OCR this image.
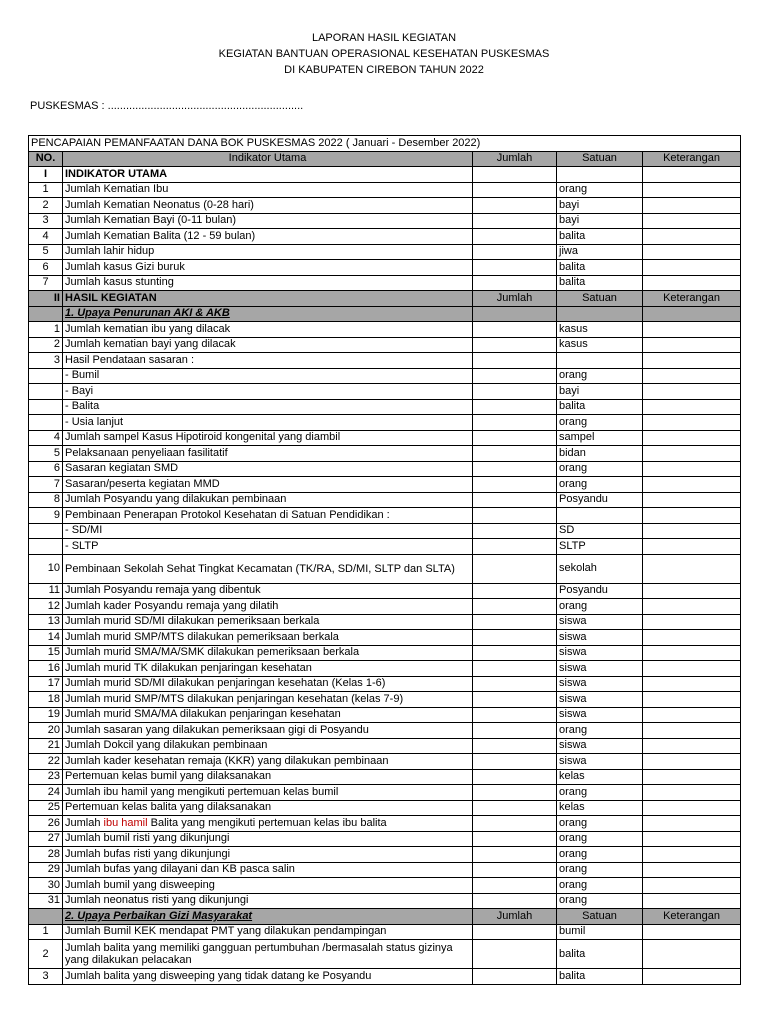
LAPORAN HASIL KEGIATAN
KEGIATAN BANTUAN OPERASIONAL KESEHATAN PUSKESMAS
DI KABUPATEN CIREBON TAHUN 2022
PUSKESMAS : ................................................................
PENCAPAIAN PEMANFAATAN DANA BOK PUSKESMAS 2022 ( Januari - Desember 2022)				
NO.	Indikator Utama	Jumlah	Satuan	Keterangan
I	INDIKATOR UTAMA			
1	Jumlah Kematian Ibu		orang	
2	Jumlah Kematian Neonatus (0-28 hari)		bayi	
3	Jumlah Kematian Bayi (0-11 bulan)		bayi	
4	Jumlah Kematian Balita (12 - 59 bulan)		balita	
5	Jumlah lahir hidup		jiwa	
6	Jumlah kasus Gizi buruk		balita	
7	Jumlah kasus stunting		balita	
II	HASIL KEGIATAN	Jumlah	Satuan	Keterangan
	1. Upaya Penurunan AKI & AKB			
1	Jumlah kematian ibu yang dilacak		kasus	
2	Jumlah kematian bayi yang dilacak		kasus	
3	Hasil Pendataan sasaran :			
	- Bumil		orang	
	- Bayi		bayi	
	- Balita		balita	
	- Usia lanjut		orang	
4	Jumlah sampel Kasus Hipotiroid kongenital yang diambil		sampel	
5	Pelaksanaan penyeliaan fasilitatif		bidan	
6	Sasaran kegiatan SMD		orang	
7	Sasaran/peserta kegiatan MMD		orang	
8	Jumlah Posyandu yang dilakukan pembinaan		Posyandu	
9	Pembinaan Penerapan Protokol Kesehatan di Satuan Pendidikan :			
	- SD/MI		SD	
	- SLTP		SLTP	
10	Pembinaan Sekolah Sehat Tingkat Kecamatan (TK/RA, SD/MI, SLTP dan SLTA)		sekolah	
11	Jumlah Posyandu remaja yang dibentuk		Posyandu	
12	Jumlah kader Posyandu remaja yang dilatih		orang	
13	Jumlah murid SD/MI dilakukan pemeriksaan berkala		siswa	
14	Jumlah murid SMP/MTS dilakukan pemeriksaan berkala		siswa	
15	Jumlah murid SMA/MA/SMK dilakukan pemeriksaan berkala		siswa	
16	Jumlah murid TK dilakukan penjaringan kesehatan		siswa	
17	Jumlah murid SD/MI dilakukan penjaringan kesehatan (Kelas 1-6)		siswa	
18	Jumlah murid SMP/MTS dilakukan penjaringan kesehatan (kelas 7-9)		siswa	
19	Jumlah murid SMA/MA dilakukan penjaringan kesehatan		siswa	
20	Jumlah sasaran yang dilakukan pemeriksaan gigi di Posyandu		orang	
21	Jumlah Dokcil yang dilakukan pembinaan		siswa	
22	Jumlah kader kesehatan remaja (KKR) yang dilakukan pembinaan		siswa	
23	Pertemuan kelas bumil yang dilaksanakan		kelas	
24	Jumlah ibu hamil yang mengikuti pertemuan kelas bumil		orang	
25	Pertemuan kelas balita yang dilaksanakan		kelas	
26	Jumlah ibu hamil Balita yang mengikuti pertemuan kelas ibu balita		orang	
27	Jumlah bumil risti yang dikunjungi		orang	
28	Jumlah bufas risti yang dikunjungi		orang	
29	Jumlah bufas yang dilayani dan KB pasca salin		orang	
30	Jumlah bumil yang disweeping		orang	
31	Jumlah neonatus risti yang dikunjungi		orang	
	2. Upaya Perbaikan Gizi Masyarakat	Jumlah	Satuan	Keterangan
1	Jumlah Bumil KEK mendapat PMT yang dilakukan pendampingan		bumil	
2	Jumlah balita yang memiliki gangguan pertumbuhan /bermasalah status gizinya yang dilakukan pelacakan		balita	
3	Jumlah balita yang disweeping yang tidak datang ke Posyandu		balita	
